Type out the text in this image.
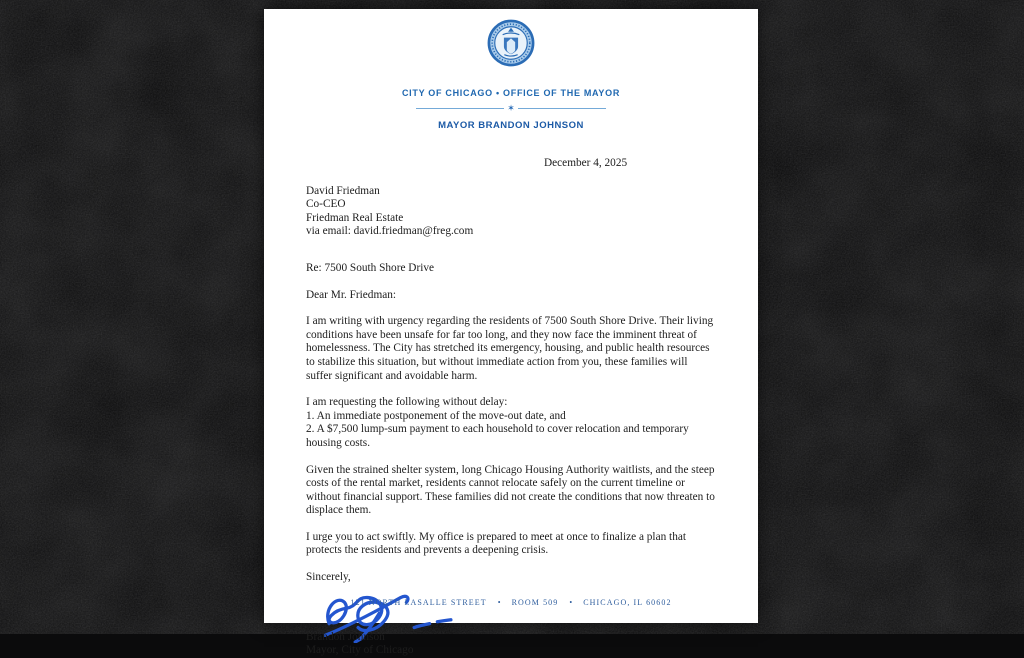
CITY OF CHICAGO • OFFICE OF THE MAYOR
✶
MAYOR BRANDON JOHNSON
December 4, 2025
David Friedman
Co-CEO
Friedman Real Estate
via email: david.friedman@freg.com
Re: 7500 South Shore Drive
Dear Mr. Friedman:

I am writing with urgency regarding the residents of 7500 South Shore Drive. Their living conditions have been unsafe for far too long, and they now face the imminent threat of homelessness. The City has stretched its emergency, housing, and public health resources to stabilize this situation, but without immediate action from you, these families will suffer significant and avoidable harm.

I am requesting the following without delay:
1. An immediate postponement of the move-out date, and
2. A $7,500 lump-sum payment to each household to cover relocation and temporary housing costs.

Given the strained shelter system, long Chicago Housing Authority waitlists, and the steep costs of the rental market, residents cannot relocate safely on the current timeline or without financial support. These families did not create the conditions that now threaten to displace them.

I urge you to act swiftly. My office is prepared to meet at once to finalize a plan that protects the residents and prevents a deepening crisis.

Sincerely,
Brandon Johnson
Mayor, City of Chicago
121 NORTH LASALLE STREET • ROOM 509 • CHICAGO, IL 60602
